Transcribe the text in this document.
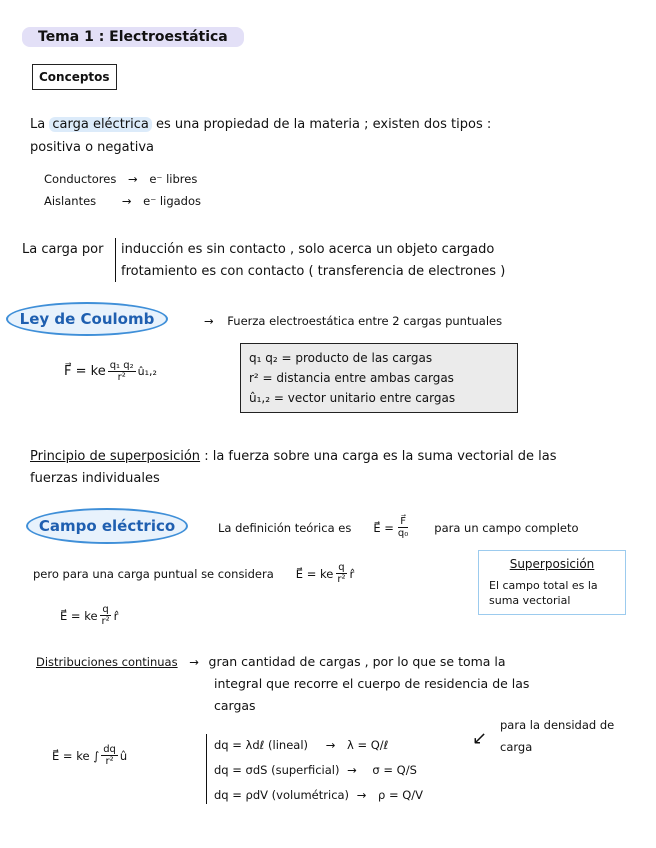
Tema 1 : Electroestática
Conceptos
La carga eléctrica es una propiedad de la materia ; existen dos tipos :
positiva o negativa
Conductores → e⁻ libres
Aislantes → e⁻ ligados
La carga por inducción es sin contacto , solo acerca un objeto cargado
frotamiento es con contacto ( transferencia de electrones )
Ley de Coulomb	→ Fuerza electroestática entre 2 cargas puntuales
F⃗ = ke $\frac{\text{q₁ q₂}}{\text{r²}}$ û₁,₂
q₁ q₂ = producto de las cargas
r² = distancia entre ambas cargas
û₁,₂ = vector unitario entre cargas
Principio de superposición : la fuerza sobre una carga es la suma vectorial de las
fuerzas individuales
Campo eléctrico	La definición teórica es E⃗ = $\frac{F⃗}{\text{q₀}}$ para un campo completo
pero para una carga puntual se considera E⃗ = ke $\frac{q}{\text{r²}}$ r̂
E⃗ = ke $\frac{q}{\text{r²}}$ r̂
Superposición
El campo total es la
suma vectorial
Distribuciones continuas → gran cantidad de cargas , por lo que se toma la
integral que recorre el cuerpo de residencia de las
cargas
E⃗ = ke ∫ $\frac{dq}{\text{r²}}$ û
dq = λdℓ (lineal) → λ = Q/ℓ
dq = σdS (superficial) → σ = Q/S
dq = ρdV (volumétrica) → ρ = Q/V
↙
para la densidad de
carga
